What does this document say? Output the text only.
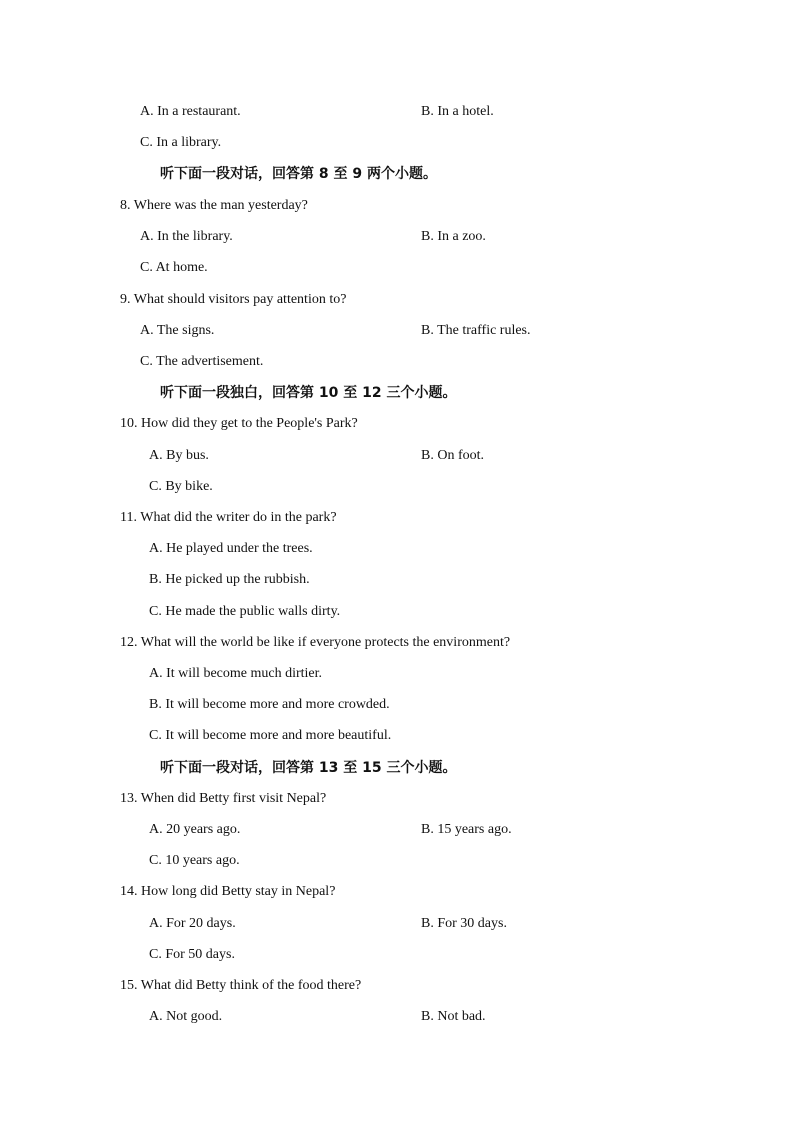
A. In a restaurant.	B. In a hotel.
C. In a library.
听下面一段对话，回答第 8 至 9 两个小题。
8. Where was the man yesterday?
A. In the library.	B. In a zoo.
C. At home.
9. What should visitors pay attention to?
A. The signs.	B. The traffic rules.
C. The advertisement.
听下面一段独白，回答第 10 至 12 三个小题。
10. How did they get to the People's Park?
A. By bus.	B. On foot.
C. By bike.
11. What did the writer do in the park?
A. He played under the trees.
B. He picked up the rubbish.
C. He made the public walls dirty.
12. What will the world be like if everyone protects the environment?
A. It will become much dirtier.
B. It will become more and more crowded.
C. It will become more and more beautiful.
听下面一段对话，回答第 13 至 15 三个小题。
13. When did Betty first visit Nepal?
A. 20 years ago.	B. 15 years ago.
C. 10 years ago.
14. How long did Betty stay in Nepal?
A. For 20 days.	B. For 30 days.
C. For 50 days.
15. What did Betty think of the food there?
A. Not good.	B. Not bad.
